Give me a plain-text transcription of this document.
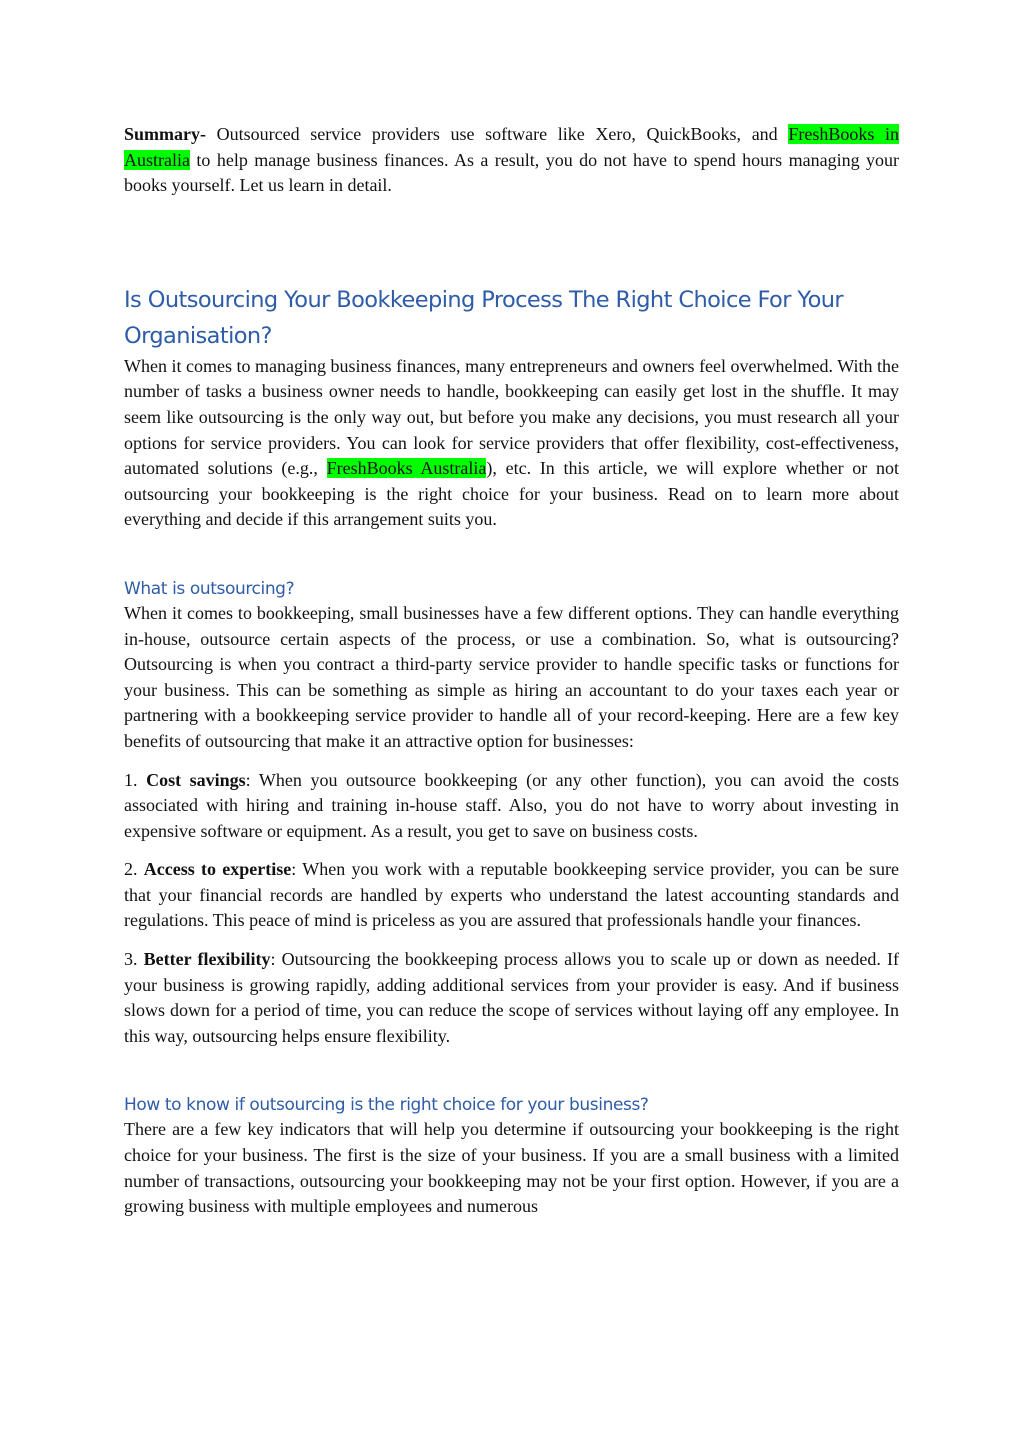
Summary- Outsourced service providers use software like Xero, QuickBooks, and FreshBooks in Australia to help manage business finances. As a result, you do not have to spend hours managing your books yourself. Let us learn in detail.

Is Outsourcing Your Bookkeeping Process The Right Choice For Your Organisation?

When it comes to managing business finances, many entrepreneurs and owners feel overwhelmed. With the number of tasks a business owner needs to handle, bookkeeping can easily get lost in the shuffle. It may seem like outsourcing is the only way out, but before you make any decisions, you must research all your options for service providers. You can look for service providers that offer flexibility, cost-effectiveness, automated solutions (e.g., FreshBooks Australia), etc. In this article, we will explore whether or not outsourcing your bookkeeping is the right choice for your business. Read on to learn more about everything and decide if this arrangement suits you.

What is outsourcing?

When it comes to bookkeeping, small businesses have a few different options. They can handle everything in-house, outsource certain aspects of the process, or use a combination. So, what is outsourcing? Outsourcing is when you contract a third-party service provider to handle specific tasks or functions for your business. This can be something as simple as hiring an accountant to do your taxes each year or partnering with a bookkeeping service provider to handle all of your record-keeping. Here are a few key benefits of outsourcing that make it an attractive option for businesses:

1. Cost savings: When you outsource bookkeeping (or any other function), you can avoid the costs associated with hiring and training in-house staff. Also, you do not have to worry about investing in expensive software or equipment. As a result, you get to save on business costs.

2. Access to expertise: When you work with a reputable bookkeeping service provider, you can be sure that your financial records are handled by experts who understand the latest accounting standards and regulations. This peace of mind is priceless as you are assured that professionals handle your finances.

3. Better flexibility: Outsourcing the bookkeeping process allows you to scale up or down as needed. If your business is growing rapidly, adding additional services from your provider is easy. And if business slows down for a period of time, you can reduce the scope of services without laying off any employee. In this way, outsourcing helps ensure flexibility.

How to know if outsourcing is the right choice for your business?

There are a few key indicators that will help you determine if outsourcing your bookkeeping is the right choice for your business. The first is the size of your business. If you are a small business with a limited number of transactions, outsourcing your bookkeeping may not be your first option. However, if you are a growing business with multiple employees and numerous
